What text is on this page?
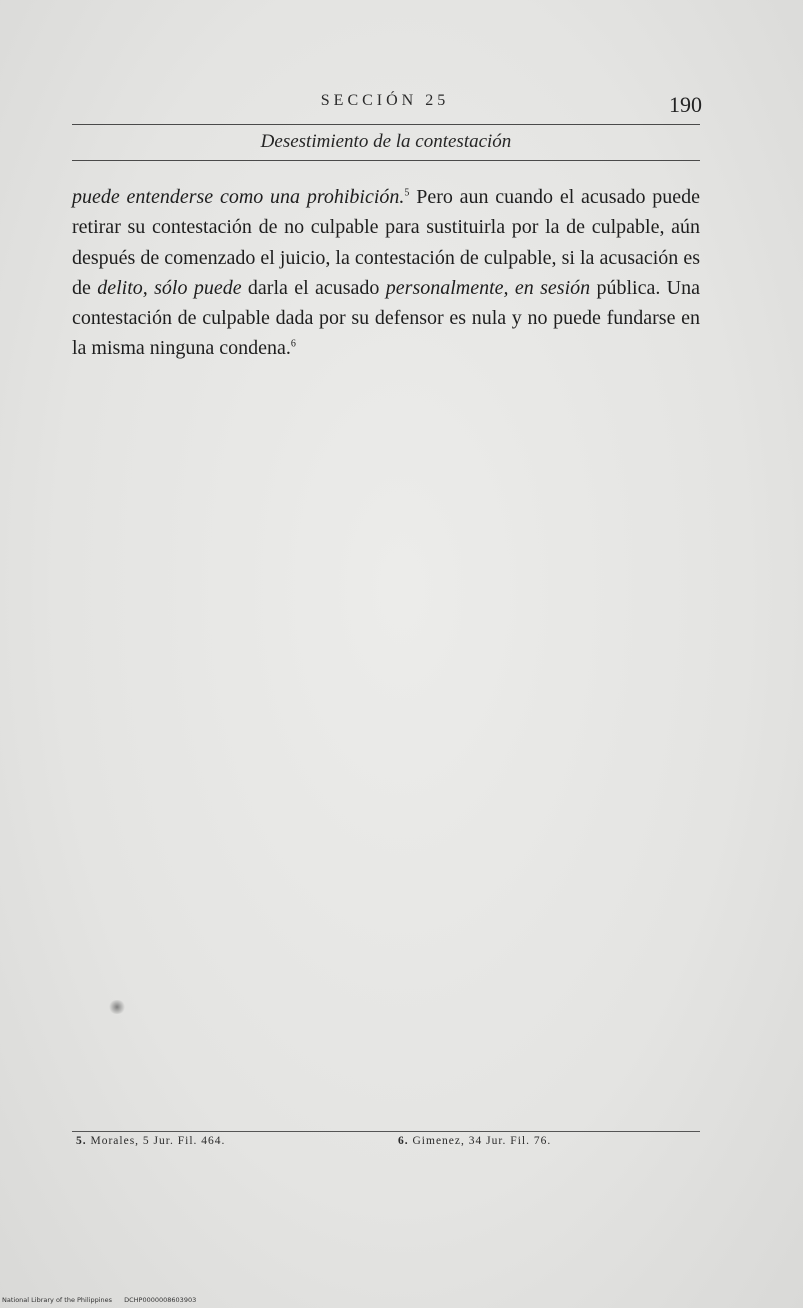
SECCIÓN 25	190
Desestimiento de la contestación
puede entenderse como una prohibición.$^5$ Pero aun cuando el acusado puede retirar su contestación de no culpable para sustituirla por la de culpable, aún después de comenzado el juicio, la contestación de culpable, si la acusación es de delito, sólo puede darla el acusado personalmente, en sesión pública. Una contestación de culpable dada por su defensor es nula y no puede fundarse en la misma ninguna condena.$^6$
5. Morales, 5 Jur. Fil. 464.	6. Gimenez, 34 Jur. Fil. 76.
National Library of the Philippines DCHP0000008603903
